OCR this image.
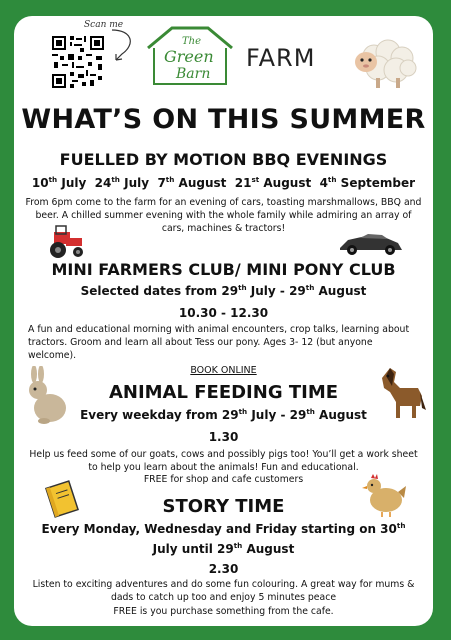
Scan me
The
Green
Barn
FARM
WHAT’S ON THIS SUMMER
FUELLED BY MOTION BBQ EVENINGS
10th July 24th July 7th August 21st August 4th September
From 6pm come to the farm for an evening of cars, toasting marshmallows, BBQ and beer. A chilled summer evening with the whole family while admiring an array of cars, machines & tractors!
MINI FARMERS CLUB/ MINI PONY CLUB
Selected dates from 29th July - 29th August
10.30 - 12.30
A fun and educational morning with animal encounters, crop talks, learning about tractors. Groom and learn all about Tess our pony. Ages 3- 12 (but anyone welcome).
BOOK ONLINE
ANIMAL FEEDING TIME
Every weekday from 29th July - 29th August
1.30
Help us feed some of our goats, cows and possibly pigs too! You’ll get a work sheet to help you learn about the animals! Fun and educational.
FREE for shop and cafe customers
STORY TIME
Every Monday, Wednesday and Friday starting on 30th
July until 29th August
2.30
Listen to exciting adventures and do some fun colouring. A great way for mums & dads to catch up too and enjoy 5 minutes peace
FREE is you purchase something from the cafe.
